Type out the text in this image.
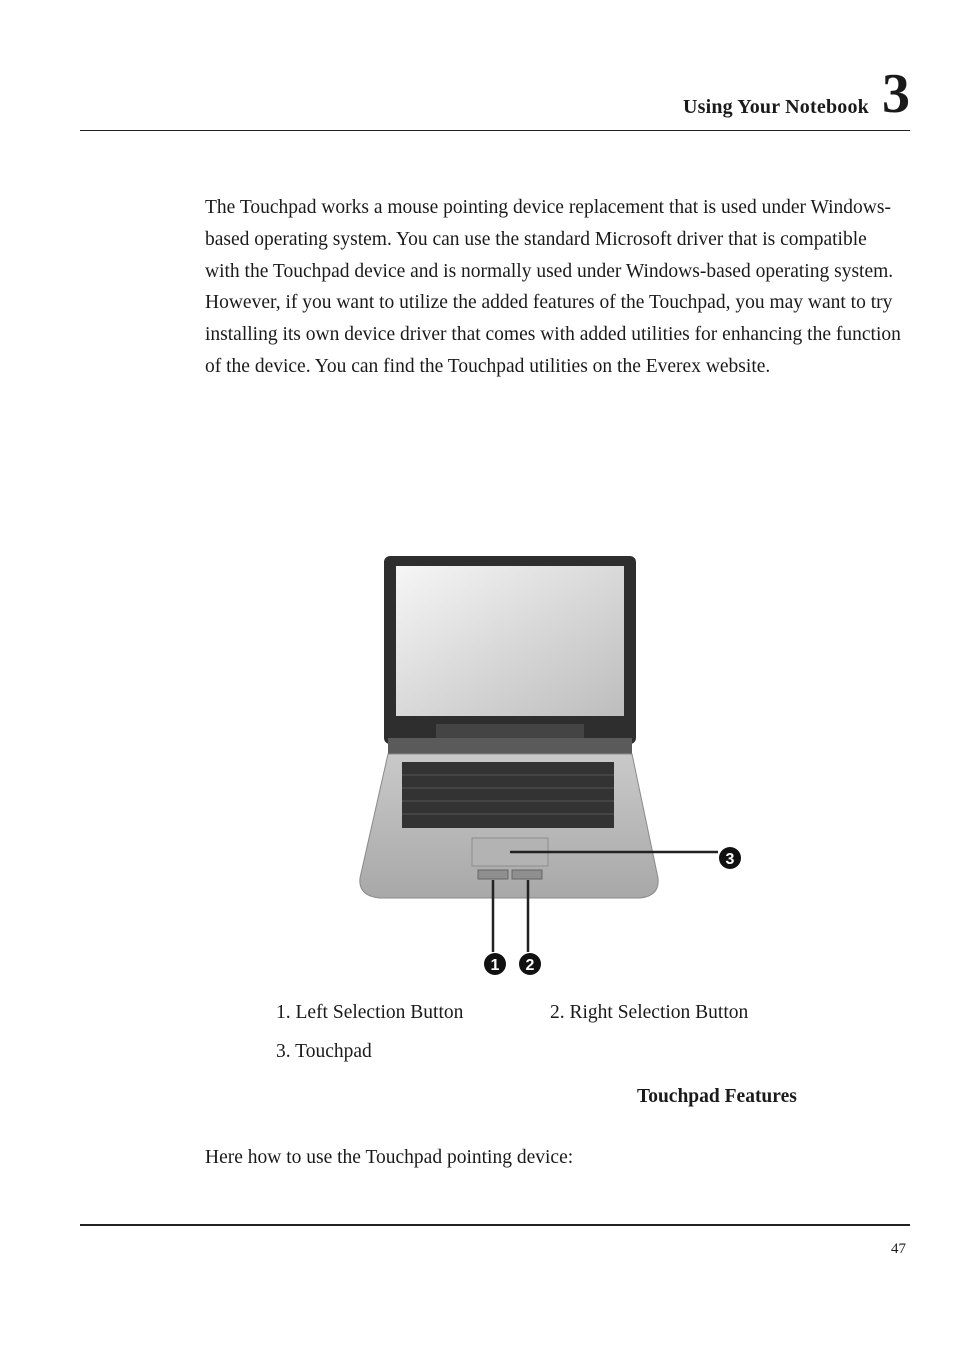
Using Your Notebook 3

The Touchpad works a mouse pointing device replacement that is used under Windows-based operating system. You can use the standard Microsoft driver that is compatible with the Touchpad device and is normally used under Windows-based operating system. However, if you want to utilize the added features of the Touchpad, you may want to try installing its own device driver that comes with added utilities for enhancing the function of the device. You can find the Touchpad utilities on the Everex website.

3
1 2
1. Left Selection Button	2. Right Selection Button
3. Touchpad
Touchpad Features

Here how to use the Touchpad pointing device:

47
